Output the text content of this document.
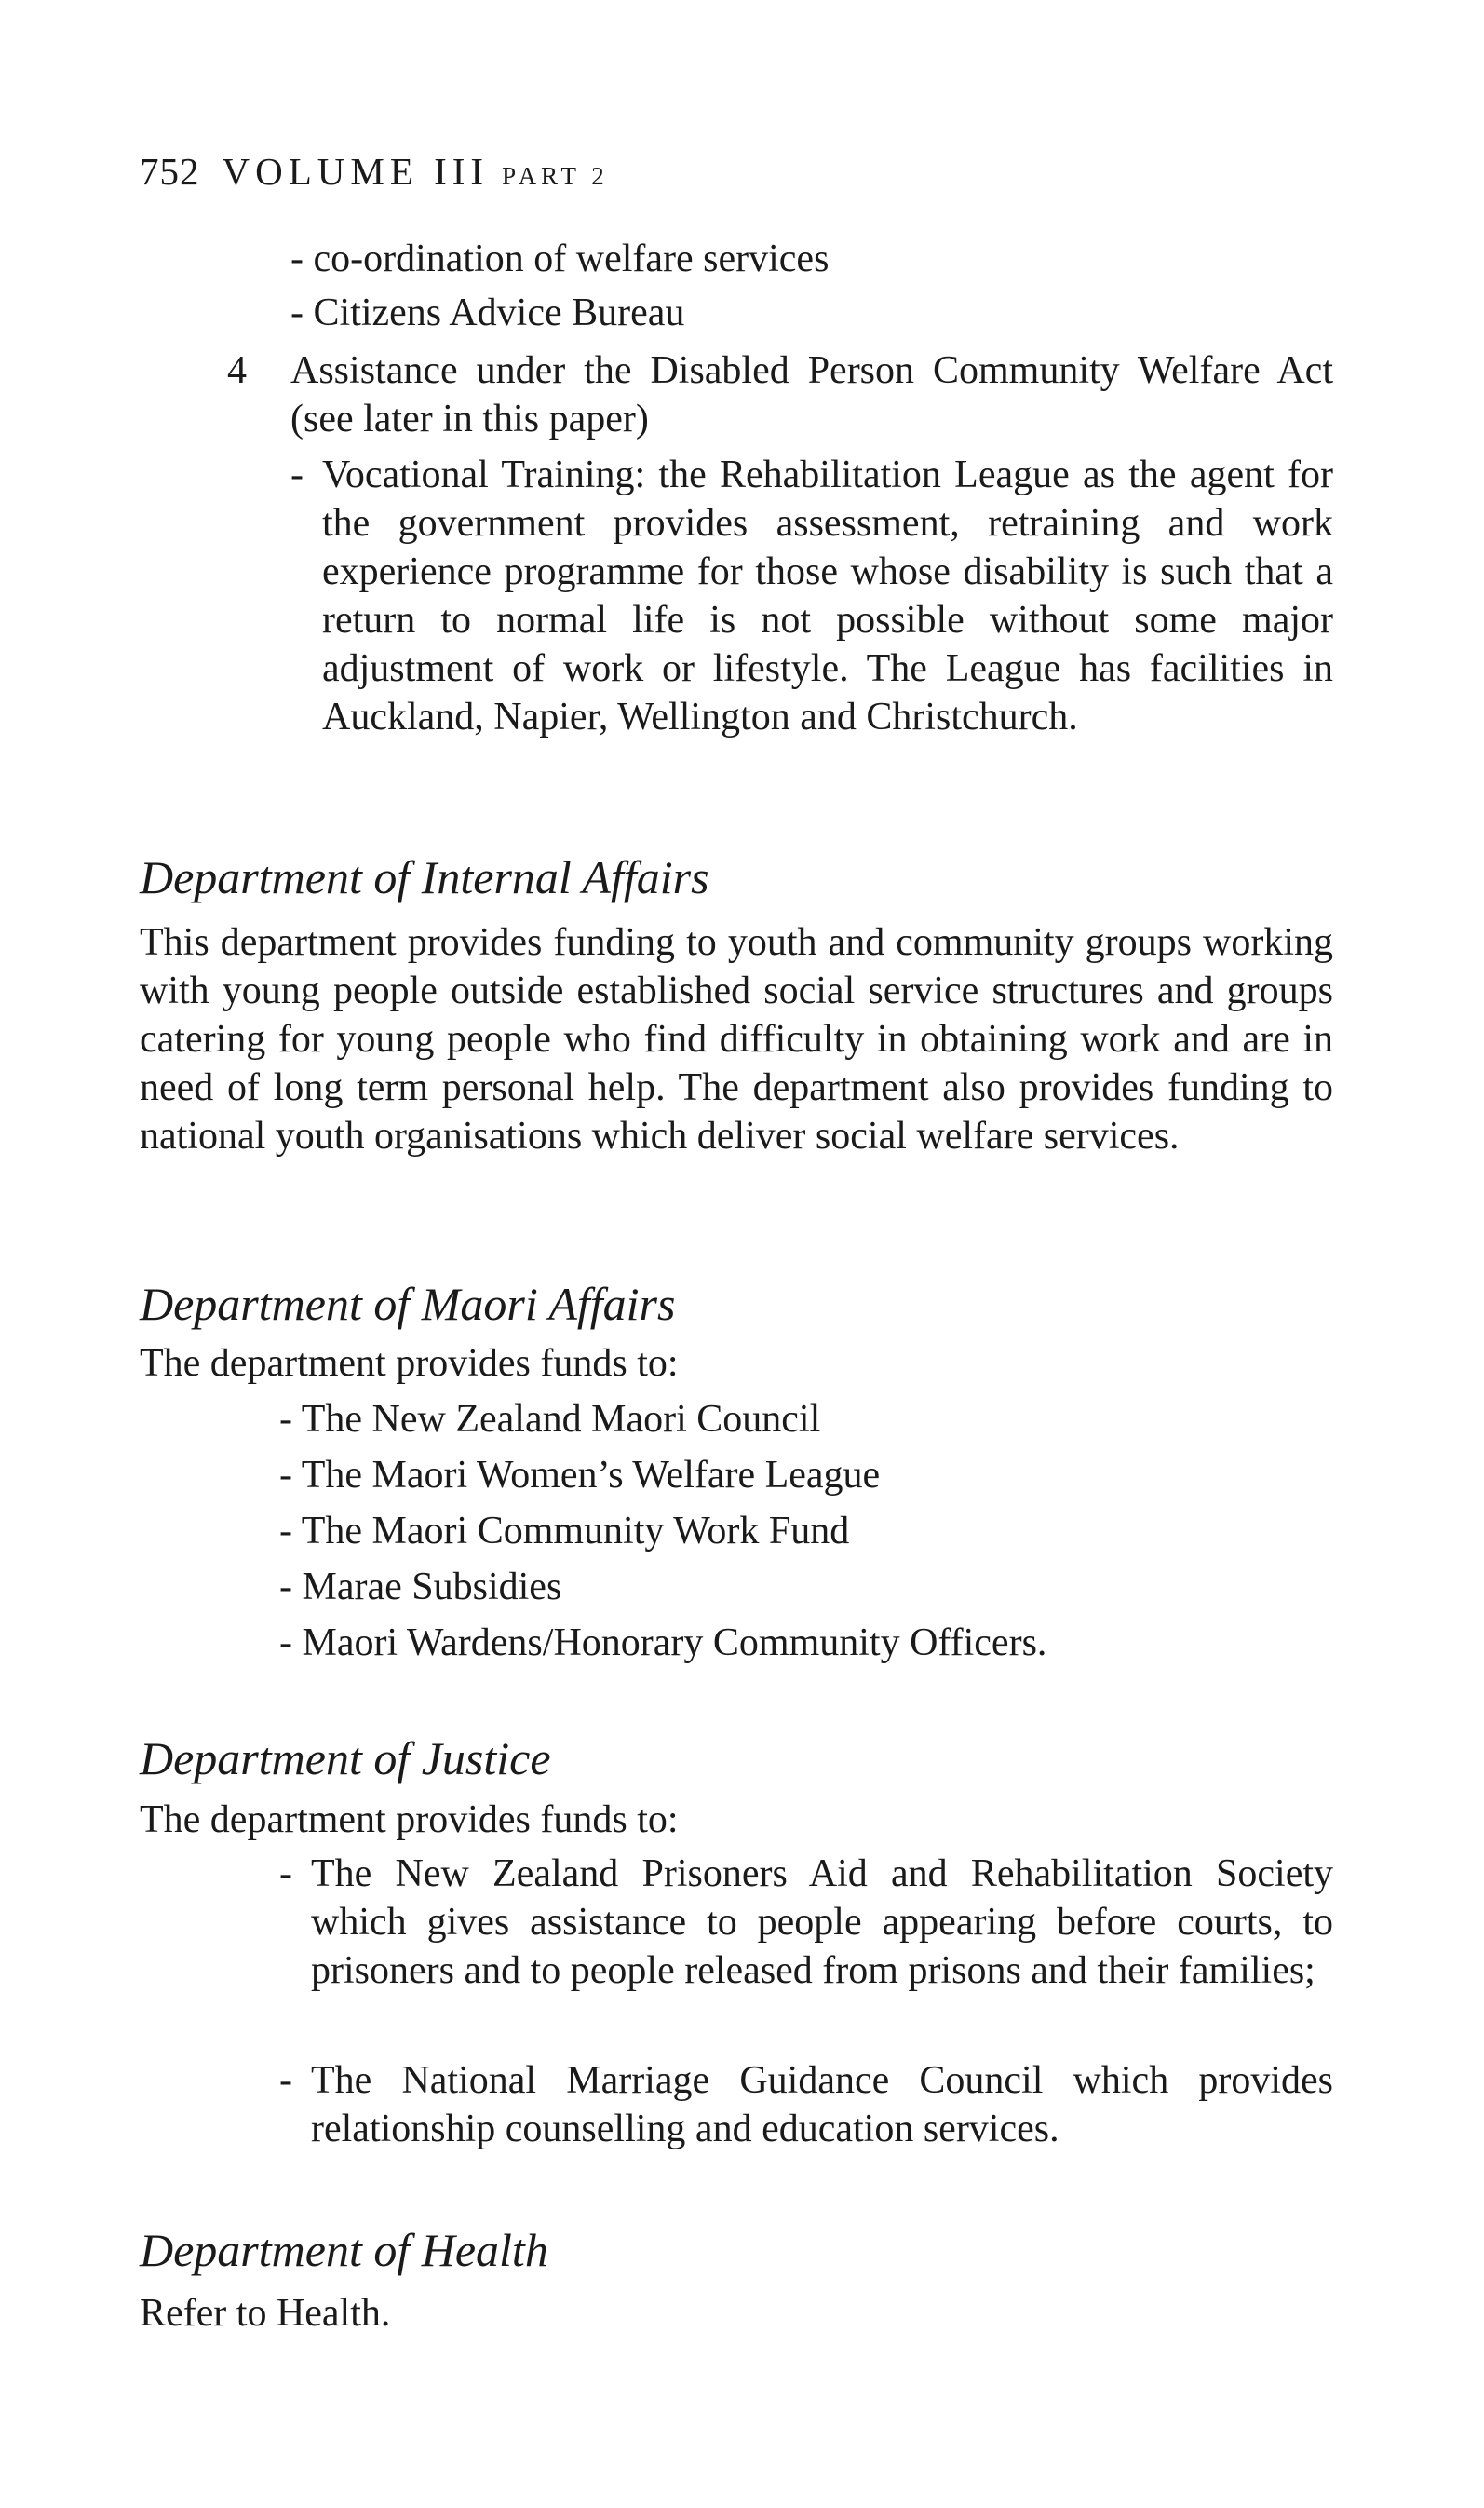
752 VOLUME III PART 2
- co-ordination of welfare services
- Citizens Advice Bureau
4 Assistance under the Disabled Person Community Welfare Act (see later in this paper)
- Vocational Training: the Rehabilitation League as the agent for the government provides assessment, retraining and work experience programme for those whose disability is such that a return to normal life is not possible without some major adjustment of work or lifestyle. The League has facilities in Auckland, Napier, Wellington and Christchurch.
Department of Internal Affairs
This department provides funding to youth and community groups working with young people outside established social service structures and groups catering for young people who find difficulty in obtaining work and are in need of long term personal help. The department also provides funding to national youth organisations which deliver social welfare services.
Department of Maori Affairs
The department provides funds to:
- The New Zealand Maori Council
- The Maori Women’s Welfare League
- The Maori Community Work Fund
- Marae Subsidies
- Maori Wardens/Honorary Community Officers.
Department of Justice
The department provides funds to:
- The New Zealand Prisoners Aid and Rehabilitation Society which gives assistance to people appearing before courts, to prisoners and to people released from prisons and their families;
- The National Marriage Guidance Council which provides relationship counselling and education services.
Department of Health
Refer to Health.
